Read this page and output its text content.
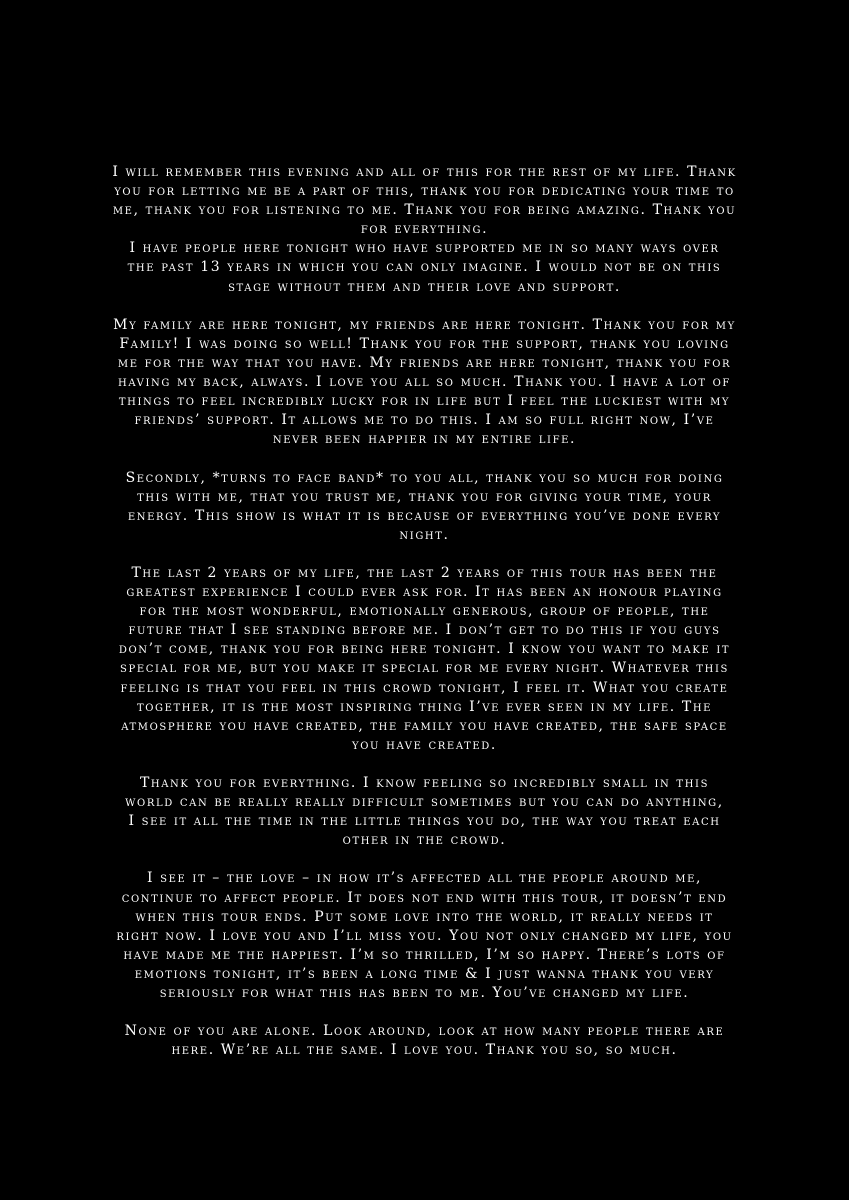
I will remember this evening and all of this for the rest of my life. Thank
you for letting me be a part of this, thank you for dedicating your time to
me, thank you for listening to me. Thank you for being amazing. Thank you
for everything.
I have people here tonight who have supported me in so many ways over
the past 13 years in which you can only imagine. I would not be on this
stage without them and their love and support.
My family are here tonight, my friends are here tonight. Thank you for my
Family! I was doing so well! Thank you for the support, thank you loving
me for the way that you have. My friends are here tonight, thank you for
having my back, always. I love you all so much. Thank you. I have a lot of
things to feel incredibly lucky for in life but I feel the luckiest with my
friends’ support. It allows me to do this. I am so full right now, I’ve
never been happier in my entire life.
Secondly, *turns to face band* to you all, thank you so much for doing
this with me, that you trust me, thank you for giving your time, your
energy. This show is what it is because of everything you’ve done every
night.
The last 2 years of my life, the last 2 years of this tour has been the
greatest experience I could ever ask for. It has been an honour playing
for the most wonderful, emotionally generous, group of people, the
future that I see standing before me. I don’t get to do this if you guys
don’t come, thank you for being here tonight. I know you want to make it
special for me, but you make it special for me every night. Whatever this
feeling is that you feel in this crowd tonight, I feel it. What you create
together, it is the most inspiring thing I’ve ever seen in my life. The
atmosphere you have created, the family you have created, the safe space
you have created.
Thank you for everything. I know feeling so incredibly small in this
world can be really really difficult sometimes but you can do anything,
I see it all the time in the little things you do, the way you treat each
other in the crowd.
I see it – the love – in how it’s affected all the people around me,
continue to affect people. It does not end with this tour, it doesn’t end
when this tour ends. Put some love into the world, it really needs it
right now. I love you and I’ll miss you. You not only changed my life, you
have made me the happiest. I’m so thrilled, I’m so happy. There’s lots of
emotions tonight, it’s been a long time & I just wanna thank you very
seriously for what this has been to me. You’ve changed my life.
None of you are alone. Look around, look at how many people there are
here. We’re all the same. I love you. Thank you so, so much.
